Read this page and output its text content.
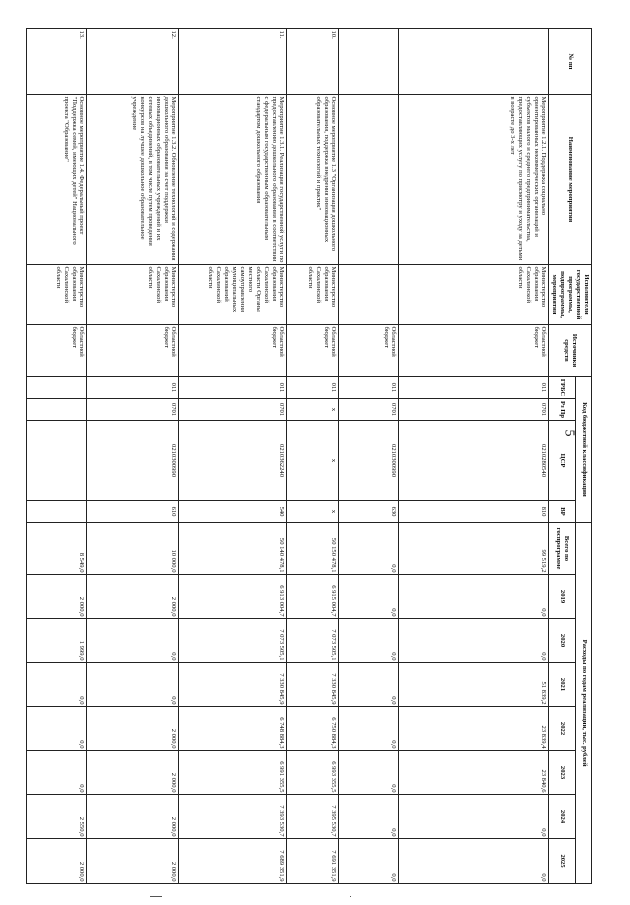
5
№ пп	Наименование мероприятия	Исполнители государственной программы, подпрограммы, мероприятия	Источники средств	Код бюджетной классификации				Расходы по годам реализации, тыс. рублей							
				ГРБС	Рз Пр	ЦСР	ВР	Всего по госпрограмме	2019	2020	2021	2022	2023	2024	2025
	Мероприятие 1.2.1. Поддержка социально ориентированных некоммерческих организаций и субъектов малого и среднего предпринимательства, предоставляющих услугу по присмотру и уходу за детьми в возрасте до 3-х лет	Министерство образования Сахалинской области	Областной бюджет	011	0701	0210280540	810	99 519,2	0,0	0,0	51 839,2	23 839,4	23 840,6	0,0	0,0
			Областной бюджет	011	0701	0210300990	630	0,0	0,0	0,0	0,0	0,0	0,0	0,0	0,0
10.	Основное мероприятие 1.3 "Организация дошкольного образования, поддержка внедрения инновационных образовательных технологий и практик"	Министерство образования Сахалинской области	Областной бюджет	011	x	x	x	50 150 478,1	6 915 004,7	7 073 505,1	7 330 845,9	6 750 884,3	6 993 355,5	7 395 530,7	7 691 351,9
11.	Мероприятие 1.3.1. Реализация государственной услуги по предоставлению дошкольного образования в соответствии с федеральным государственным образовательным стандартом дошкольного образования	Министерство образования Сахалинской области Органы местного самоуправления муниципальных образований Сахалинской области	Областной бюджет	011	0701	0210362240	540	50 140 478,1	6 913 004,7	7 073 505,1	7 330 845,9	6 748 884,3	6 991 355,5	7 393 530,7	7 689 351,9
12.	Мероприятие 1.3.2. Обновление технологий и содержания дошкольного образования за счет поддержки инновационных образовательных учреждений и их сетевых объединений, в том числе путем проведения конкурсов на лучшее дошкольное образовательное учреждение	Министерство образования Сахалинской области	Областной бюджет	011	0701	0210300990	610	10 000,0	2 000,0	0,0	0,0	2 000,0	2 000,0	2 000,0	2 000,0
13.	Основное мероприятие 1.4. Федеральный проект "Поддержка семей, имеющих детей" Национального проекта "Образование"	Министерство образования Сахалинской области	Областной бюджет					8 549,0	2 000,0	1 999,0	0,0	0,0	0,0	2 550,0	2 000,0
